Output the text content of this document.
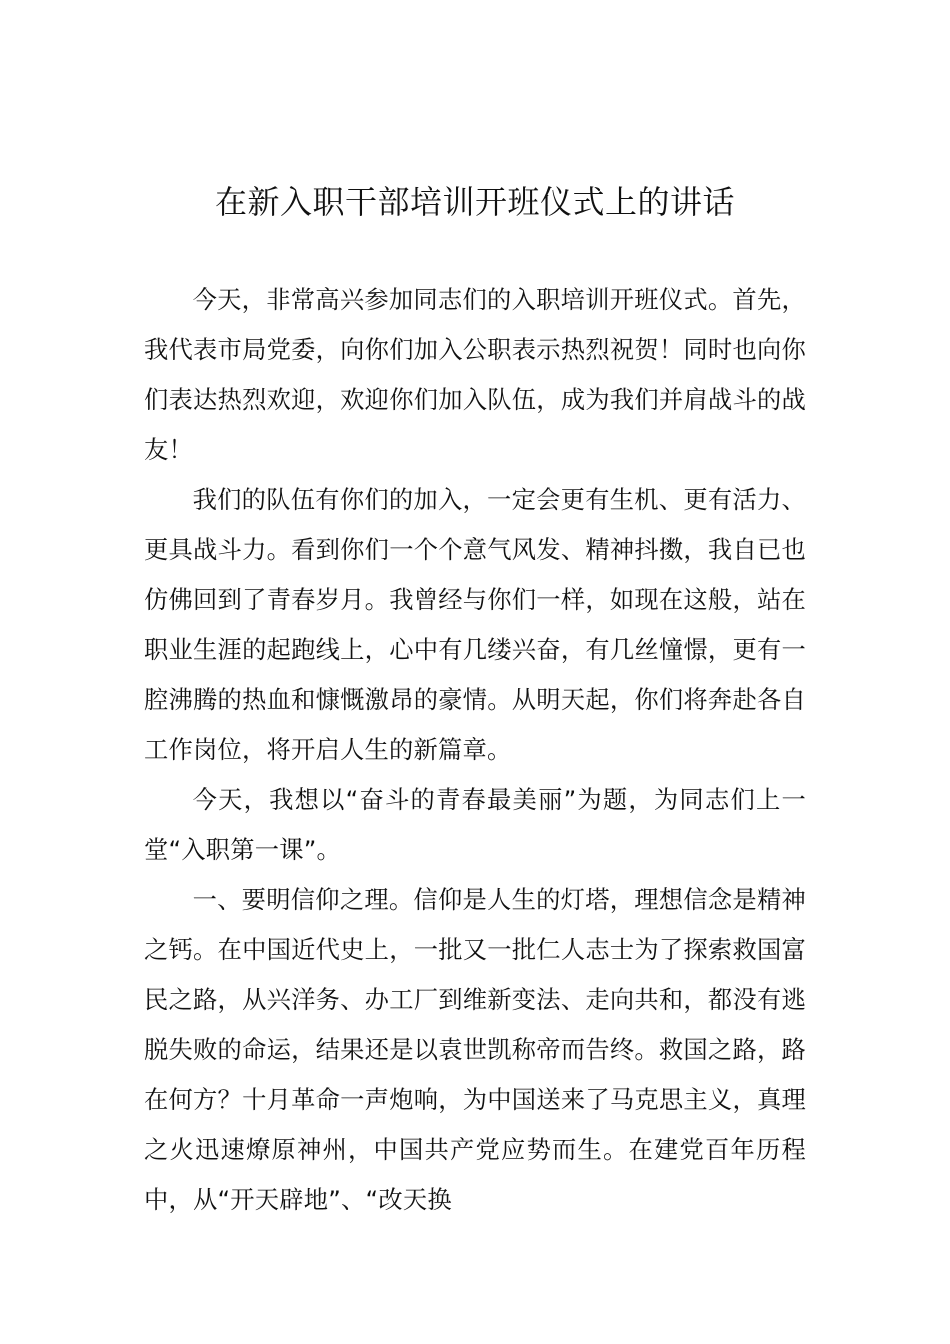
在新入职干部培训开班仪式上的讲话

今天，非常高兴参加同志们的入职培训开班仪式。首先，我代表市局党委，向你们加入公职表示热烈祝贺！同时也向你们表达热烈欢迎，欢迎你们加入队伍，成为我们并肩战斗的战友！

我们的队伍有你们的加入，一定会更有生机、更有活力、更具战斗力。看到你们一个个意气风发、精神抖擞，我自已也仿佛回到了青春岁月。我曾经与你们一样，如现在这般，站在职业生涯的起跑线上，心中有几缕兴奋，有几丝憧憬，更有一腔沸腾的热血和慷慨激昂的豪情。从明天起，你们将奔赴各自工作岗位，将开启人生的新篇章。

今天，我想以“奋斗的青春最美丽”为题，为同志们上一堂“入职第一课”。

一、要明信仰之理。信仰是人生的灯塔，理想信念是精神之钙。在中国近代史上，一批又一批仁人志士为了探索救国富民之路，从兴洋务、办工厂到维新变法、走向共和，都没有逃脱失败的命运，结果还是以袁世凯称帝而告终。救国之路，路在何方？十月革命一声炮响，为中国送来了马克思主义，真理之火迅速燎原神州，中国共产党应势而生。在建党百年历程中，从“开天辟地”、“改天换
